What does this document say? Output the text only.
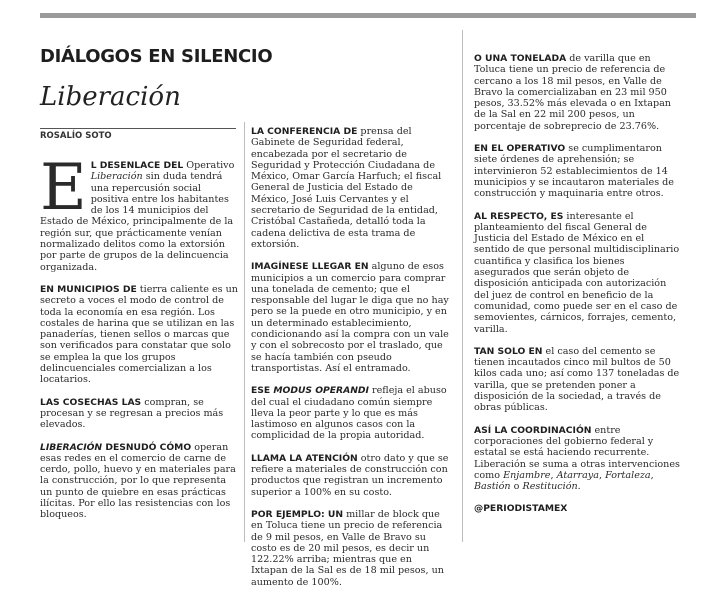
DIÁLOGOS EN SILENCIO
Liberación
ROSALÍO SOTO

E L DESENLACE DEL Operativo Liberación sin duda tendrá una repercusión social positiva entre los habitantes de los 14 municipios del Estado de México, principalmente de la región sur, que prácticamente venían normalizado delitos como la extorsión por parte de grupos de la delincuencia organizada.

EN MUNICIPIOS DE tierra caliente es un secreto a voces el modo de control de toda la economía en esa región. Los costales de harina que se utilizan en las panaderías, tienen sellos o marcas que son verificados para constatar que solo se emplea la que los grupos delincuenciales comercializan a los locatarios.

LAS COSECHAS LAS compran, se procesan y se regresan a precios más elevados.

LIBERACIÓN DESNUDÓ CÓMO operan esas redes en el comercio de carne de cerdo, pollo, huevo y en materiales para la construcción, por lo que representa un punto de quiebre en esas prácticas ilícitas. Por ello las resistencias con los bloqueos.

LA CONFERENCIA DE prensa del Gabinete de Seguridad federal, encabezada por el secretario de Seguridad y Protección Ciudadana de México, Omar García Harfuch; el fiscal General de Justicia del Estado de México, José Luis Cervantes y el secretario de Seguridad de la entidad, Cristóbal Castañeda, detalló toda la cadena delictiva de esta trama de extorsión.

IMAGÍNESE LLEGAR EN alguno de esos municipios a un comercio para comprar una tonelada de cemento; que el responsable del lugar le diga que no hay pero se la puede en otro municipio, y en un determinado establecimiento, condicionando así la compra con un vale y con el sobrecosto por el traslado, que se hacía también con pseudo transportistas. Así el entramado.

ESE MODUS OPERANDI refleja el abuso del cual el ciudadano común siempre lleva la peor parte y lo que es más lastimoso en algunos casos con la complicidad de la propia autoridad.

LLAMA LA ATENCIÓN otro dato y que se refiere a materiales de construcción con productos que registran un incremento superior a 100% en su costo.

POR EJEMPLO: UN millar de block que en Toluca tiene un precio de referencia de 9 mil pesos, en Valle de Bravo su costo es de 20 mil pesos, es decir un 122.22% arriba; mientras que en Ixtapan de la Sal es de 18 mil pesos, un aumento de 100%.

O UNA TONELADA de varilla que en Toluca tiene un precio de referencia de cercano a los 18 mil pesos, en Valle de Bravo la comercializaban en 23 mil 950 pesos, 33.52% más elevada o en Ixtapan de la Sal en 22 mil 200 pesos, un porcentaje de sobreprecio de 23.76%.

EN EL OPERATIVO se cumplimentaron siete órdenes de aprehensión; se intervinieron 52 establecimientos de 14 municipios y se incautaron materiales de construcción y maquinaria entre otros.

AL RESPECTO, ES interesante el planteamiento del fiscal General de Justicia del Estado de México en el sentido de que personal multidisciplinario cuantifica y clasifica los bienes asegurados que serán objeto de disposición anticipada con autorización del juez de control en beneficio de la comunidad, como puede ser en el caso de semovientes, cárnicos, forrajes, cemento, varilla.

TAN SOLO EN el caso del cemento se tienen incautados cinco mil bultos de 50 kilos cada uno; así como 137 toneladas de varilla, que se pretenden poner a disposición de la sociedad, a través de obras públicas.

ASÍ LA COORDINACIÓN entre corporaciones del gobierno federal y estatal se está haciendo recurrente. Liberación se suma a otras intervenciones como Enjambre, Atarraya, Fortaleza, Bastión o Restitución.

@PERIODISTAMEX
